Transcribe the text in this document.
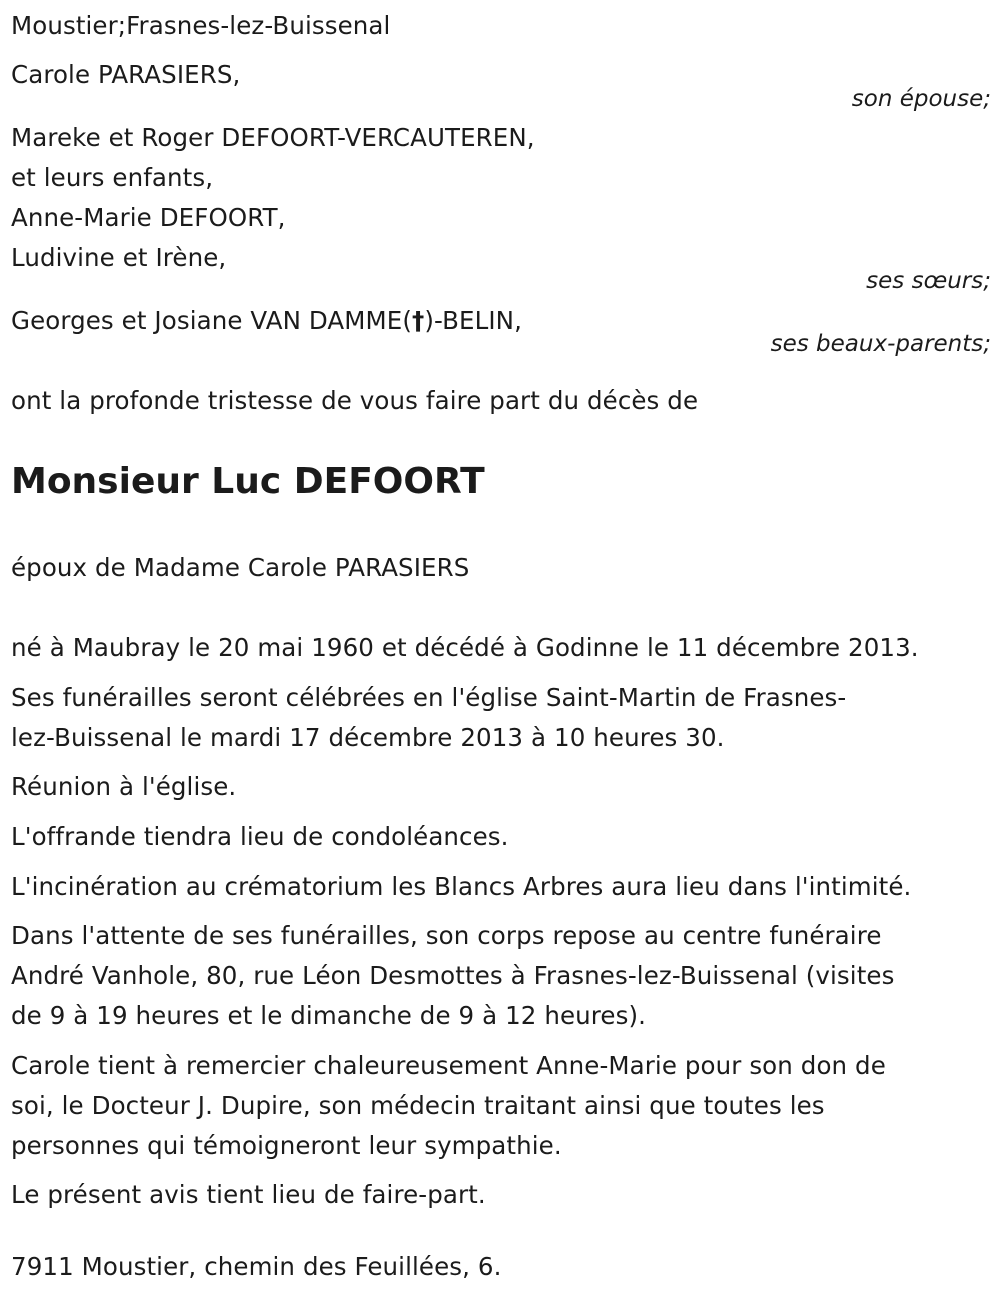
Moustier;Frasnes-lez-Buissenal
Carole PARASIERS,
son épouse;
Mareke et Roger DEFOORT-VERCAUTEREN,
et leurs enfants,
Anne-Marie DEFOORT,
Ludivine et Irène,
ses sœurs;
Georges et Josiane VAN DAMME(†)-BELIN,
ses beaux-parents;
ont la profonde tristesse de vous faire part du décès de
Monsieur Luc DEFOORT
époux de Madame Carole PARASIERS
né à Maubray le 20 mai 1960 et décédé à Godinne le 11 décembre 2013.
Ses funérailles seront célébrées en l'église Saint-Martin de Frasnes-
lez-Buissenal le mardi 17 décembre 2013 à 10 heures 30.
Réunion à l'église.
L'offrande tiendra lieu de condoléances.
L'incinération au crématorium les Blancs Arbres aura lieu dans l'intimité.
Dans l'attente de ses funérailles, son corps repose au centre funéraire
André Vanhole, 80, rue Léon Desmottes à Frasnes-lez-Buissenal (visites
de 9 à 19 heures et le dimanche de 9 à 12 heures).
Carole tient à remercier chaleureusement Anne-Marie pour son don de
soi, le Docteur J. Dupire, son médecin traitant ainsi que toutes les
personnes qui témoigneront leur sympathie.
Le présent avis tient lieu de faire-part.
7911 Moustier, chemin des Feuillées, 6.
